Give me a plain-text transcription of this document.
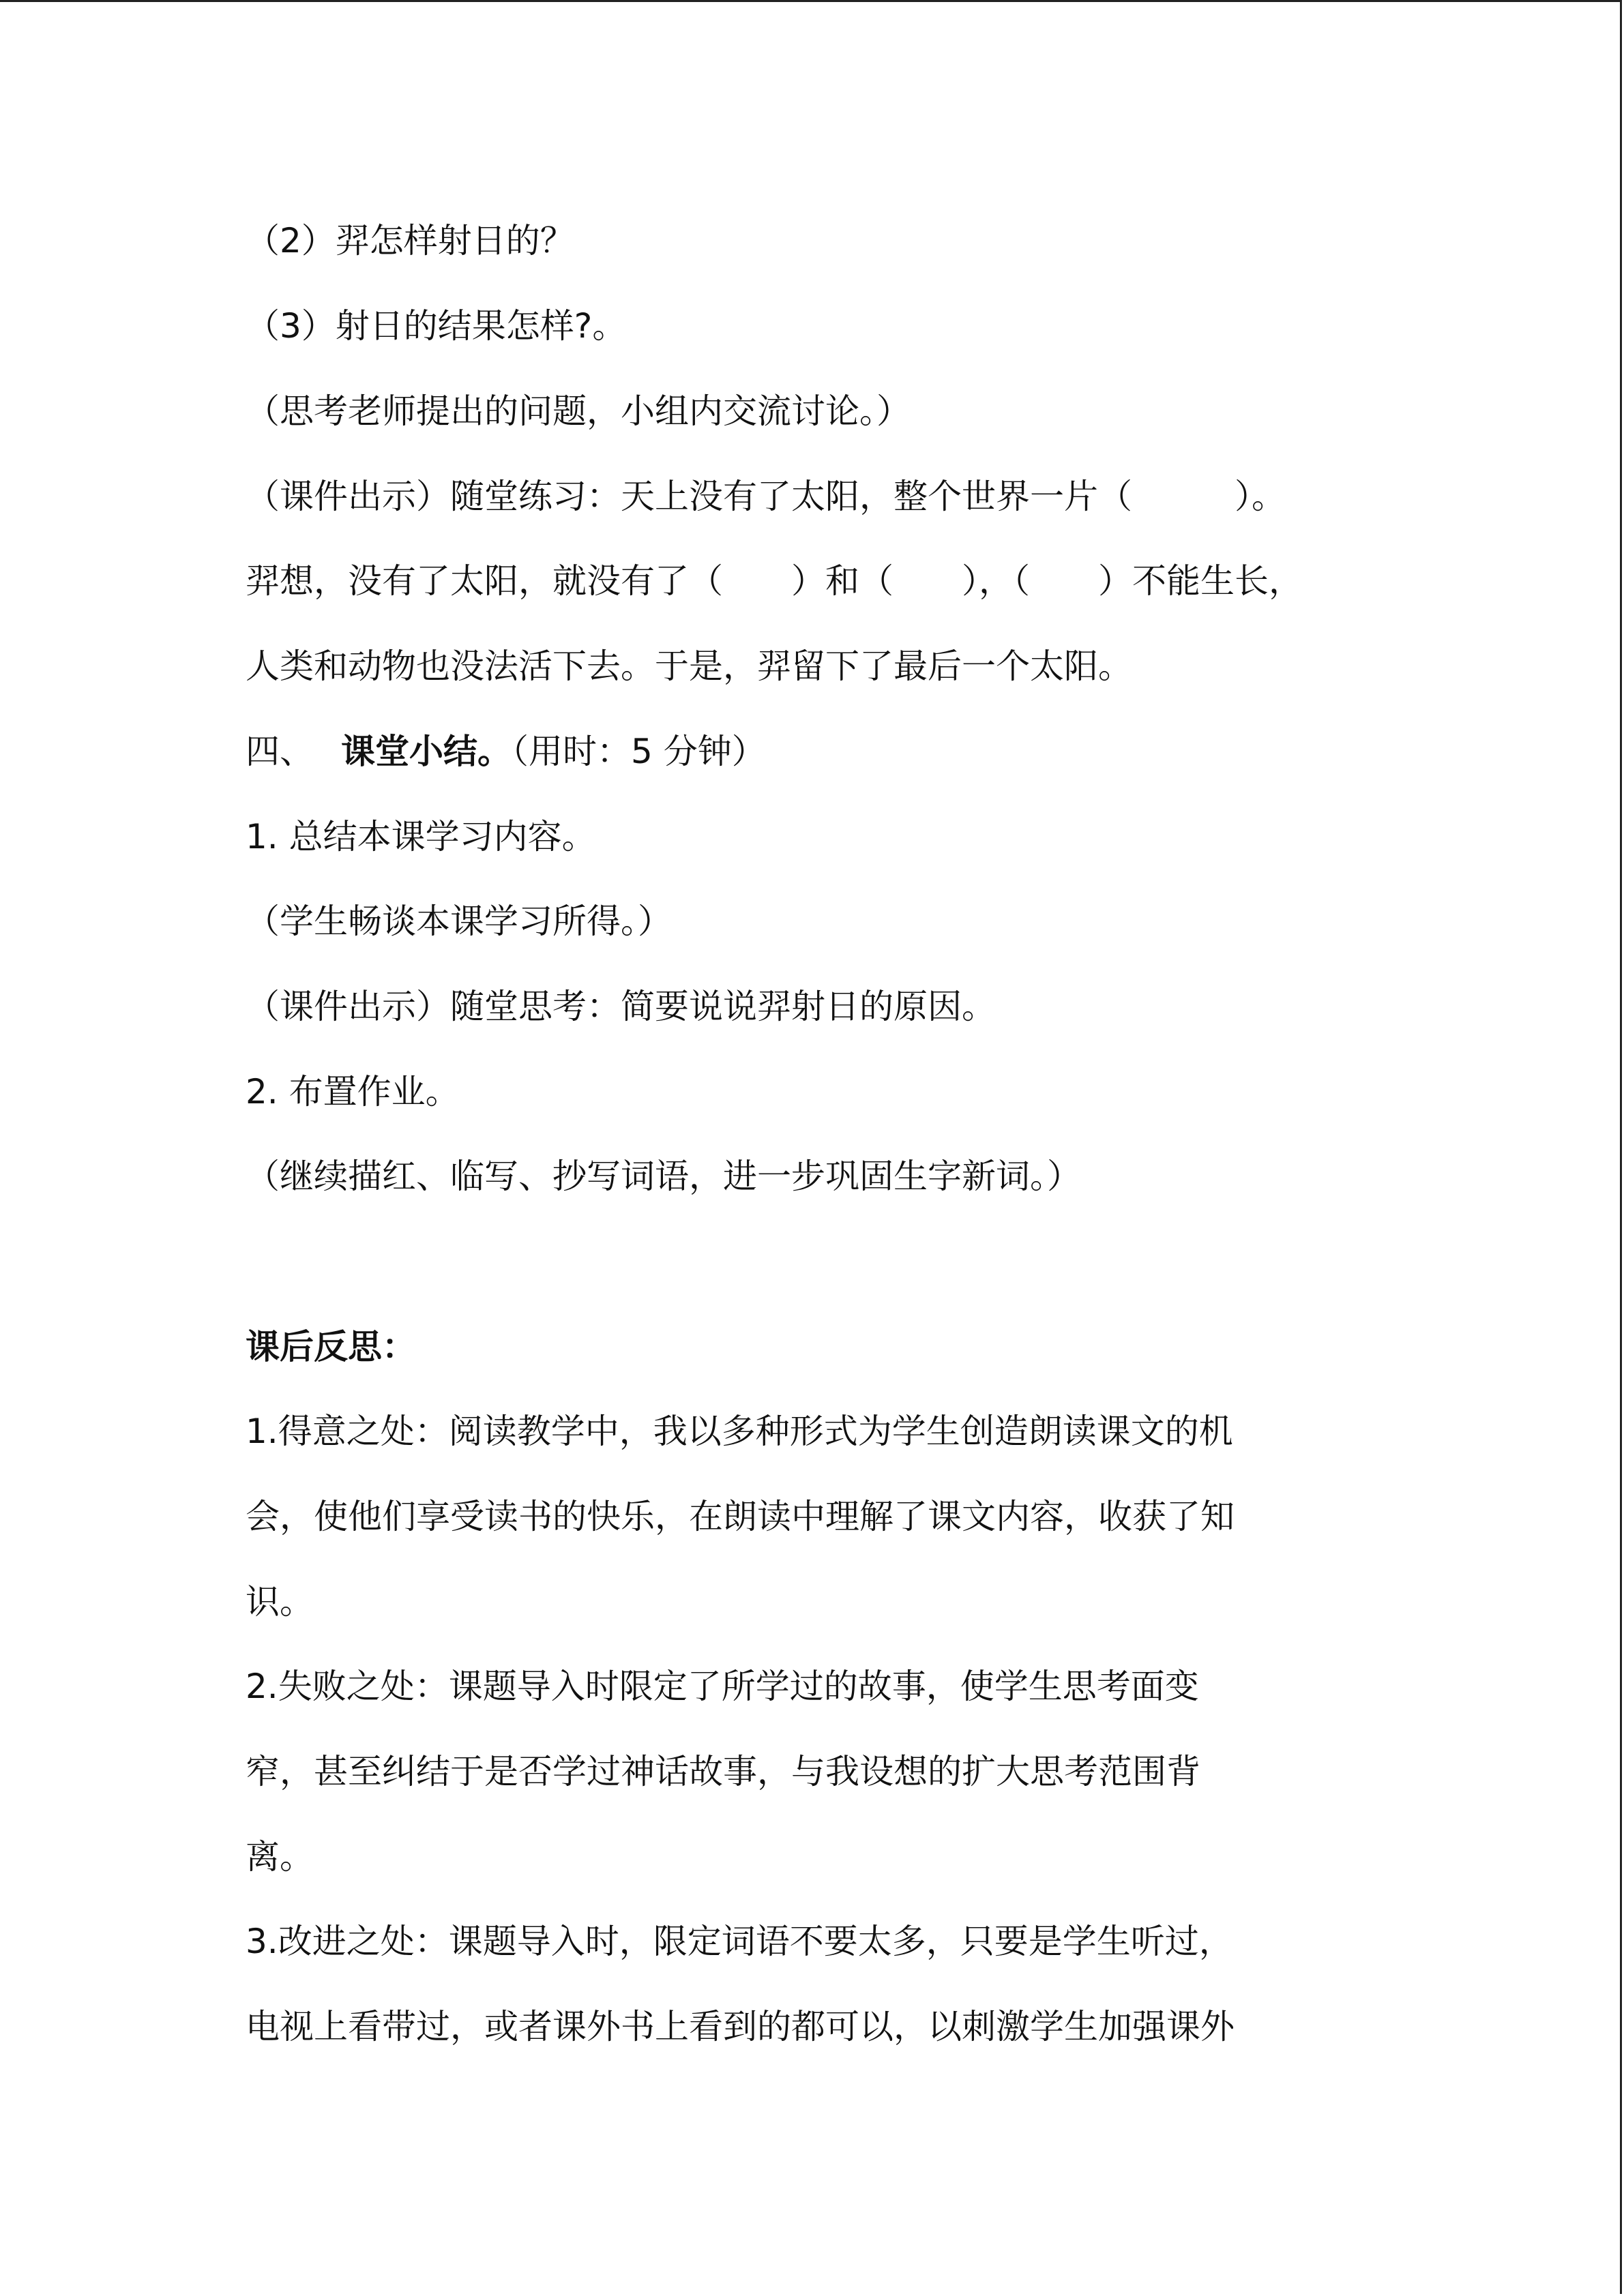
（2）羿怎样射日的？
（3）射日的结果怎样?。
（思考老师提出的问题，小组内交流讨论。）
（课件出示）随堂练习：天上没有了太阳，整个世界一片（　　　）。
羿想，没有了太阳，就没有了（　　）和（　　），（　　）不能生长，
人类和动物也没法活下去。于是，羿留下了最后一个太阳。
四、 课堂小结。（用时：5 分钟）
1. 总结本课学习内容。
（学生畅谈本课学习所得。）
（课件出示）随堂思考：简要说说羿射日的原因。
2. 布置作业。
（继续描红、临写、抄写词语，进一步巩固生字新词。）
课后反思：
1.得意之处：阅读教学中，我以多种形式为学生创造朗读课文的机
会，使他们享受读书的快乐，在朗读中理解了课文内容，收获了知
识。
2.失败之处：课题导入时限定了所学过的故事，使学生思考面变
窄，甚至纠结于是否学过神话故事，与我设想的扩大思考范围背
离。
3.改进之处：课题导入时，限定词语不要太多，只要是学生听过，
电视上看带过，或者课外书上看到的都可以，以刺激学生加强课外
